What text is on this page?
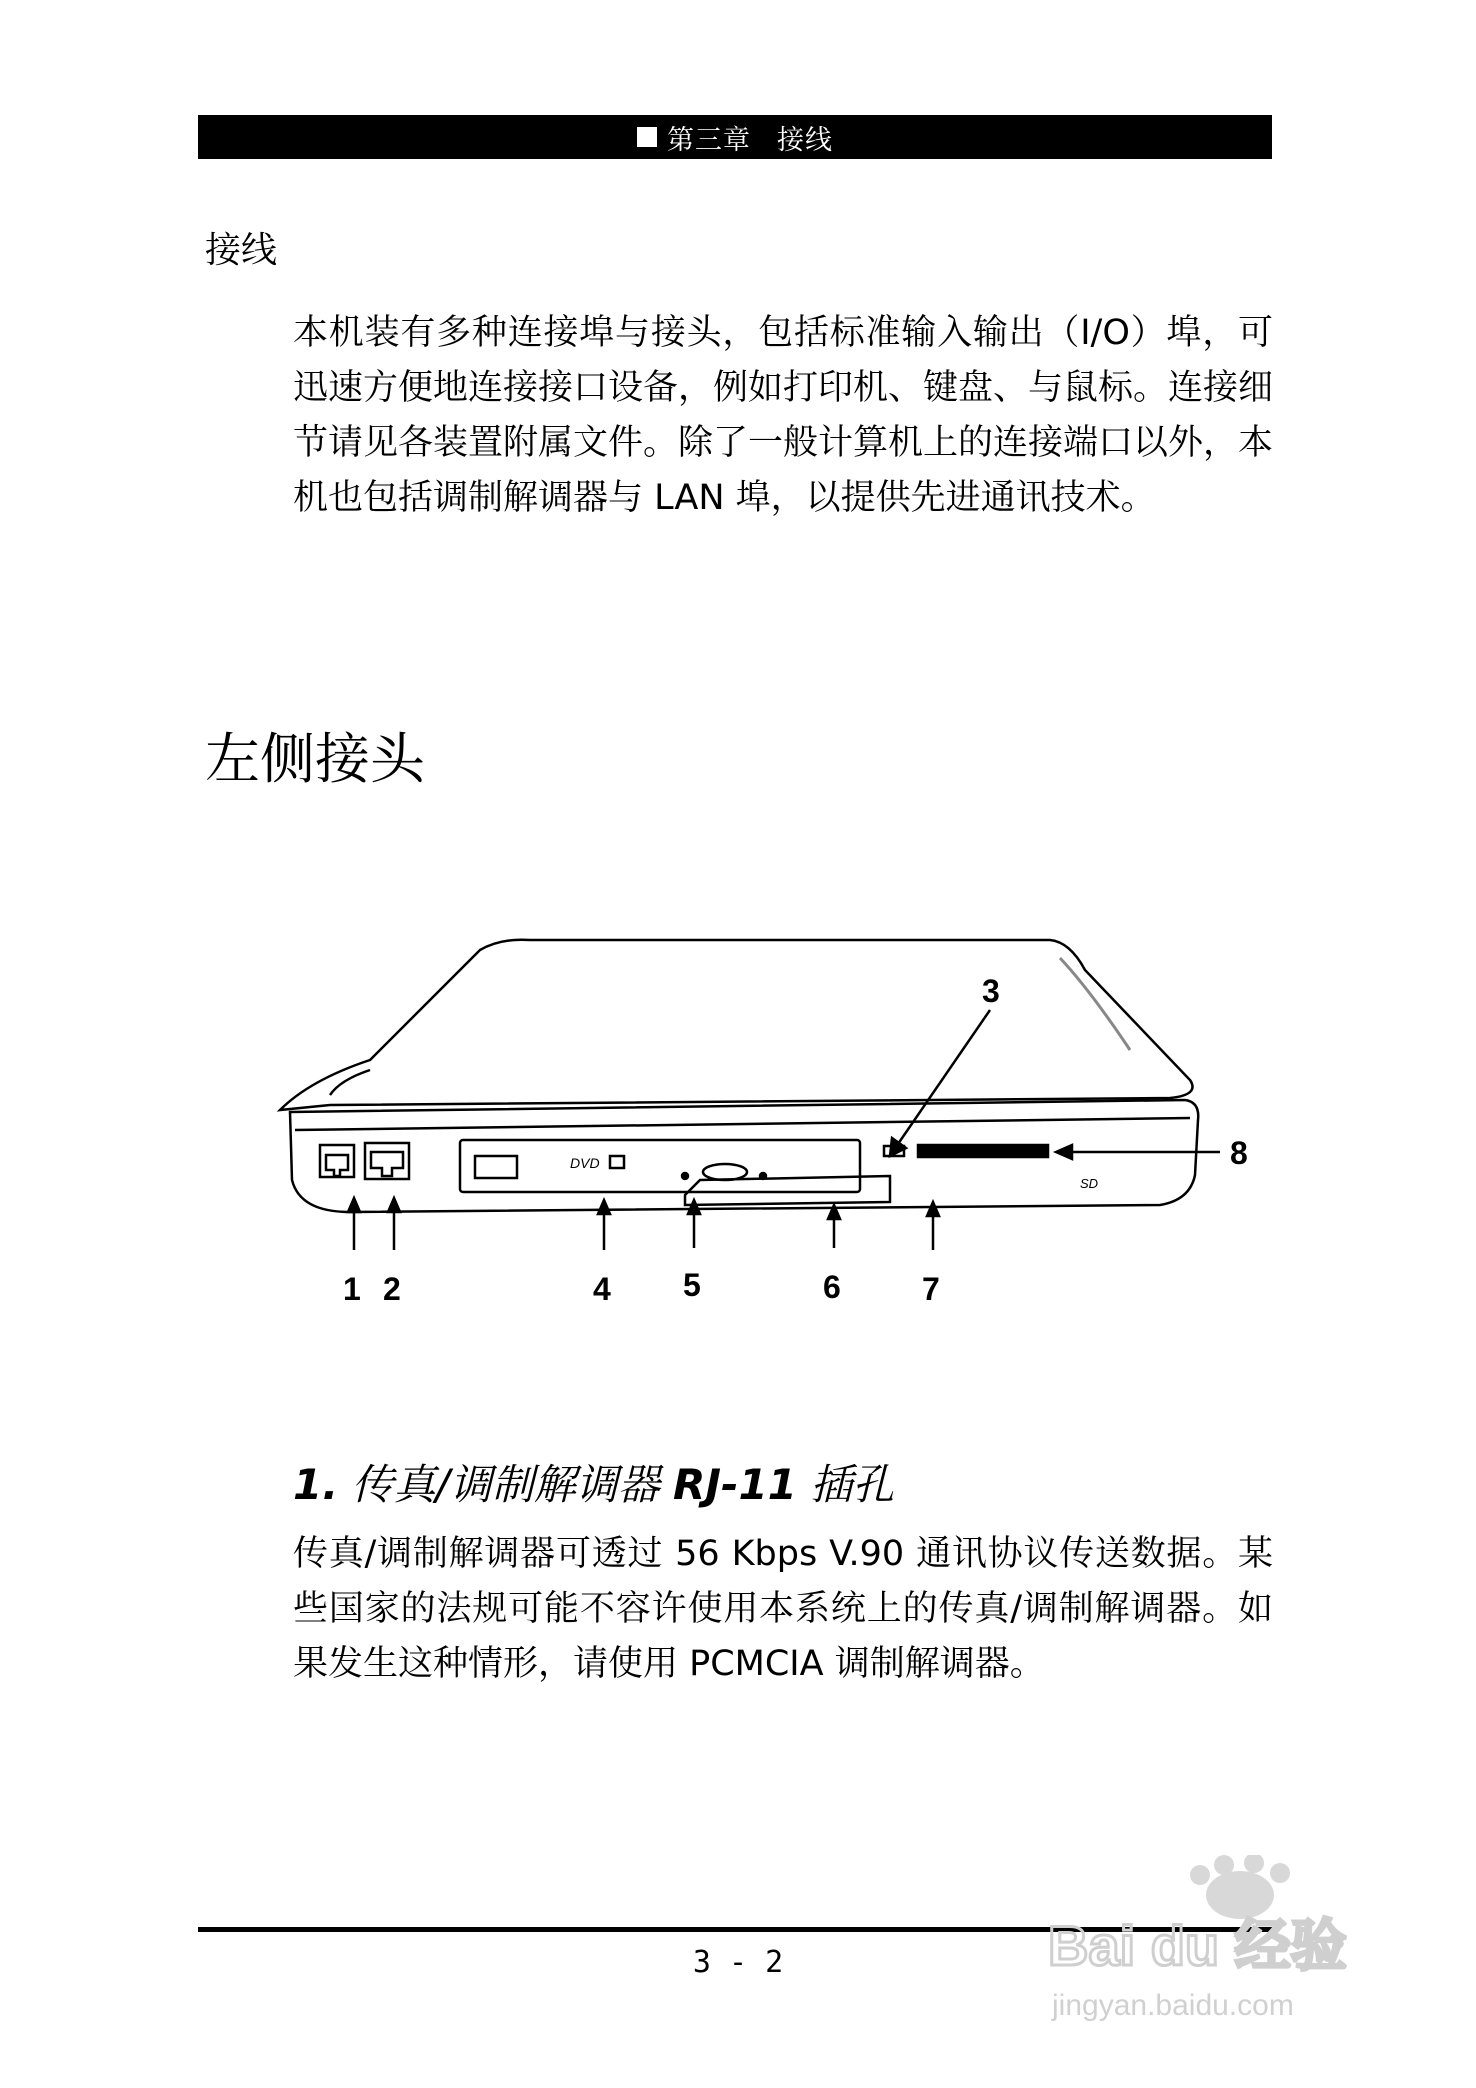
第三章 接线
接线

本机装有多种连接埠与接头，包括标准输入输出（I/O）埠，可迅速方便地连接接口设备，例如打印机、键盘、与鼠标。连接细节请见各装置附属文件。除了一般计算机上的连接端口以外，本机也包括调制解调器与 LAN 埠，以提供先进通讯技术。

左侧接头
DVD
SD
1 2
3
4 5	6	7
8
1. 传真/调制解调器 RJ-11 插孔
传真/调制解调器可透过 56 Kbps V.90 通讯协议传送数据。某些国家的法规可能不容许使用本系统上的传真/调制解调器。如果发生这种情形，请使用 PCMCIA 调制解调器。
3 - 2	Bai du 经验
jingyan.baidu.com
